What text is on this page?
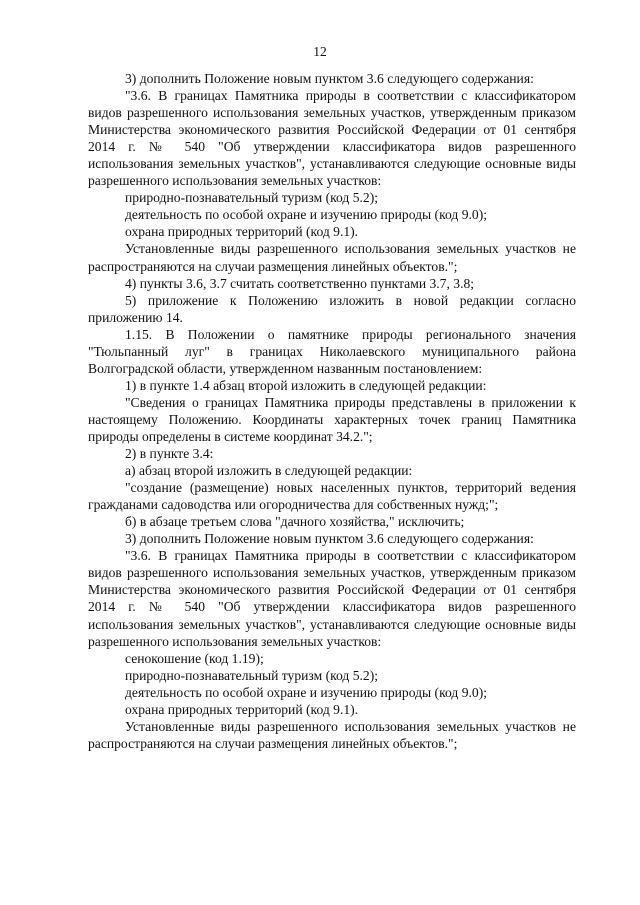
12

3) дополнить Положение новым пунктом 3.6 следующего содержания:

"3.6. В границах Памятника природы в соответствии с классификатором видов разрешенного использования земельных участков, утвержденным приказом Министерства экономического развития Российской Федерации от 01 сентября 2014 г. № 540 "Об утверждении классификатора видов разрешенного использования земельных участков", устанавливаются следующие основные виды разрешенного использования земельных участков:

природно-познавательный туризм (код 5.2);

деятельность по особой охране и изучению природы (код 9.0);

охрана природных территорий (код 9.1).

Установленные виды разрешенного использования земельных участков не распространяются на случаи размещения линейных объектов.";

4) пункты 3.6, 3.7 считать соответственно пунктами 3.7, 3.8;

5) приложение к Положению изложить в новой редакции согласно приложению 14.

1.15. В Положении о памятнике природы регионального значения "Тюльпанный луг" в границах Николаевского муниципального района Волгоградской области, утвержденном названным постановлением:

1) в пункте 1.4 абзац второй изложить в следующей редакции:

"Сведения о границах Памятника природы представлены в приложении к настоящему Положению. Координаты характерных точек границ Памятника природы определены в системе координат 34.2.";

2) в пункте 3.4:

а) абзац второй изложить в следующей редакции:

"создание (размещение) новых населенных пунктов, территорий ведения гражданами садоводства или огородничества для собственных нужд;";

б) в абзаце третьем слова "дачного хозяйства," исключить;

3) дополнить Положение новым пунктом 3.6 следующего содержания:

"3.6. В границах Памятника природы в соответствии с классификатором видов разрешенного использования земельных участков, утвержденным приказом Министерства экономического развития Российской Федерации от 01 сентября 2014 г. № 540 "Об утверждении классификатора видов разрешенного использования земельных участков", устанавливаются следующие основные виды разрешенного использования земельных участков:

сенокошение (код 1.19);

природно-познавательный туризм (код 5.2);

деятельность по особой охране и изучению природы (код 9.0);

охрана природных территорий (код 9.1).

Установленные виды разрешенного использования земельных участков не распространяются на случаи размещения линейных объектов.";
